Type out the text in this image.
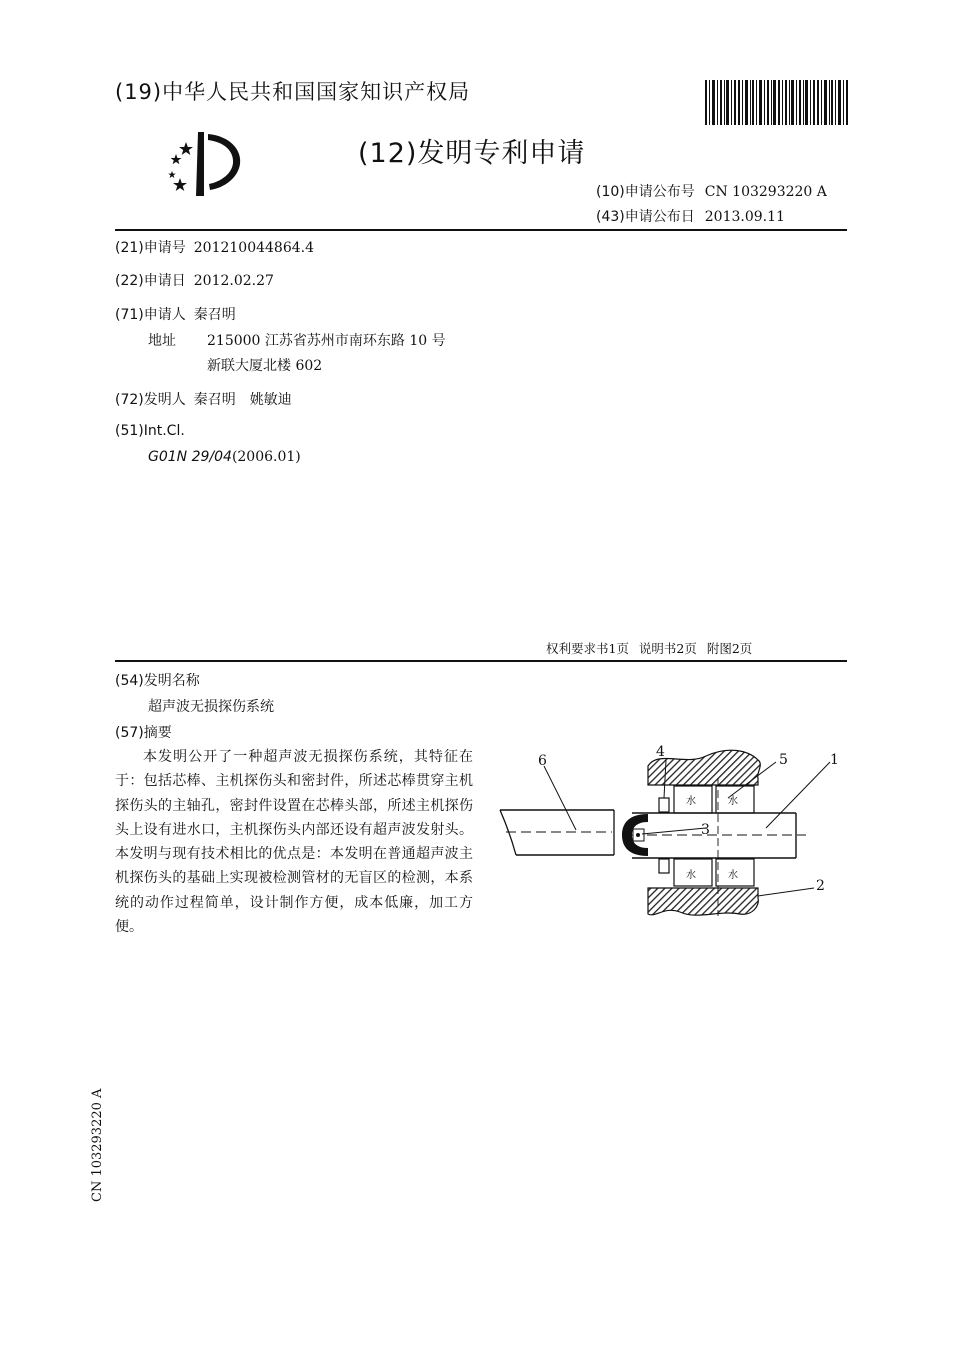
(19)中华人民共和国国家知识产权局
(12)发明专利申请
(10)申请公布号 CN 103293220 A
(43)申请公布日 2013.09.11
(21)申请号 201210044864.4
(22)申请日 2012.02.27
(71)申请人 秦召明
地址 215000 江苏省苏州市南环东路 10 号
新联大厦北楼 602
(72)发明人 秦召明　姚敏迪
(51)Int.Cl.
G01N 29/04(2006.01)
权利要求书1页 说明书2页 附图2页
(54)发明名称
超声波无损探伤系统
(57)摘要
本发明公开了一种超声波无损探伤系统，其特征在于：包括芯棒、主机探伤头和密封件，所述芯棒贯穿主机探伤头的主轴孔，密封件设置在芯棒头部，所述主机探伤头上设有进水口，主机探伤头内部还设有超声波发射头。本发明与现有技术相比的优点是：本发明在普通超声波主机探伤头的基础上实现被检测管材的无盲区的检测，本系统的动作过程简单，设计制作方便，成本低廉，加工方便。
水	水
水	水
6
4	5	1
3
2
CN 103293220 A
